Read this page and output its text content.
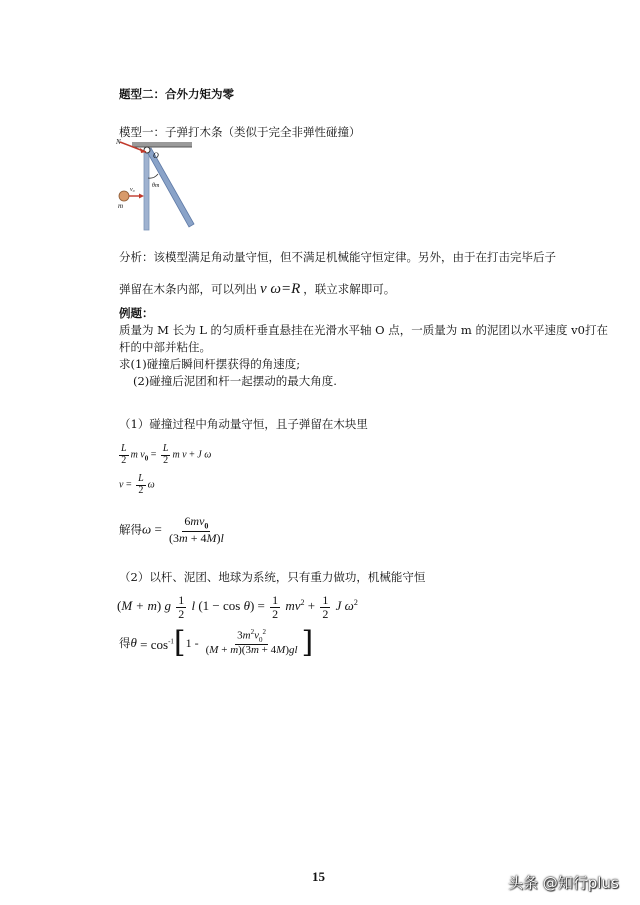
题型二：合外力矩为零
模型一：子弹打木条（类似于完全非弹性碰撞）
N
O
v₀
m
θm
分析：该模型满足角动量守恒，但不满足机械能守恒定律。另外，由于在打击完毕后子
弹留在木条内部，可以列出 v ω=R ，联立求解即可。
例题：
质量为 M 长为 L 的匀质杆垂直悬挂在光滑水平轴 O 点，一质量为 m 的泥团以水平速度 v0打在
杆的中部并粘住。
求(1)碰撞后瞬间杆摆获得的角速度;
(2)碰撞后泥团和杆一起摆动的最大角度.
（1）碰撞过程中角动量守恒，且子弹留在木块里
$\frac{L}{2}$ m $v_0 = \frac{L}{2}$ m v + J ω
$v = \frac{L}{2}$ ω
解得$\omega = \frac{6mv_0}{(3m + 4M)l}$
（2）以杆、泥团、地球为系统，只有重力做功，机械能守恒
(M + m) g $\frac{1}{2}$ l $(1 - \cos \theta) = \frac{1}{2} mv^2 + \frac{1}{2}$ J $\omega^2$
得$\theta = \cos^{-1}[1 - \frac{3m^2v_0^2}{(M + m)(3m + 4M)gl}$ ]
15	头条 @知行plus
